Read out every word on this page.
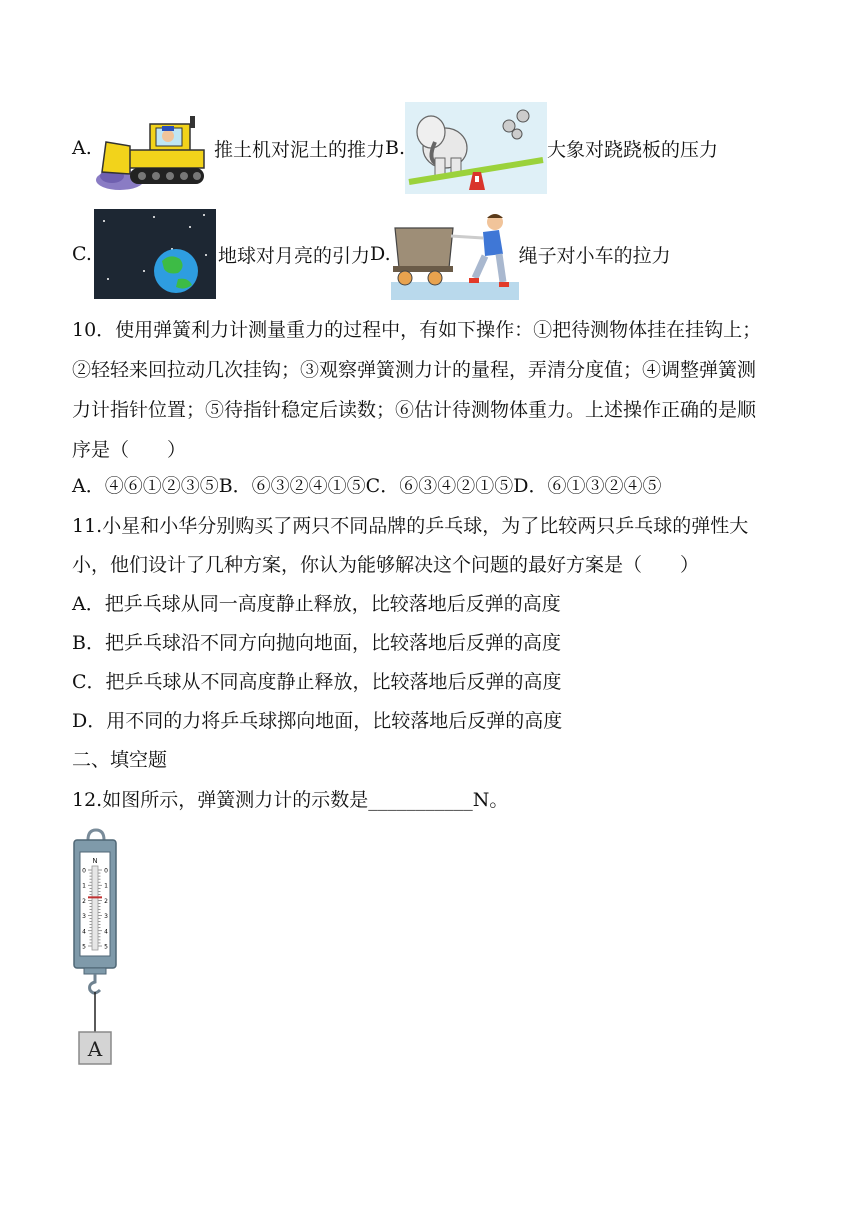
A.	推土机对泥土的推力 B.	大象对跷跷板的压力
C.	地球对月亮的引力 D.	绳子对小车的拉力
10．使用弹簧利力计测量重力的过程中，有如下操作：①把待测物体挂在挂钩上；
②轻轻来回拉动几次挂钩；③观察弹簧测力计的量程，弄清分度值；④调整弹簧测
力计指针位置；⑤待指针稳定后读数；⑥估计待测物体重力。上述操作正确的是顺
序是（　　）
A．④⑥①②③⑤B．⑥③②④①⑤C．⑥③④②①⑤D．⑥①③②④⑤
11.小星和小华分别购买了两只不同品牌的乒乓球，为了比较两只乒乓球的弹性大
小，他们设计了几种方案，你认为能够解决这个问题的最好方案是（　　）
A．把乒乓球从同一高度静止释放，比较落地后反弹的高度
B．把乒乓球沿不同方向抛向地面，比较落地后反弹的高度
C．把乒乓球从不同高度静止释放，比较落地后反弹的高度
D．用不同的力将乒乓球掷向地面，比较落地后反弹的高度
二、填空题
12.如图所示，弹簧测力计的示数是___________N。
N
0	0
1	1
2	2
3	3
4	4
5	5
A
